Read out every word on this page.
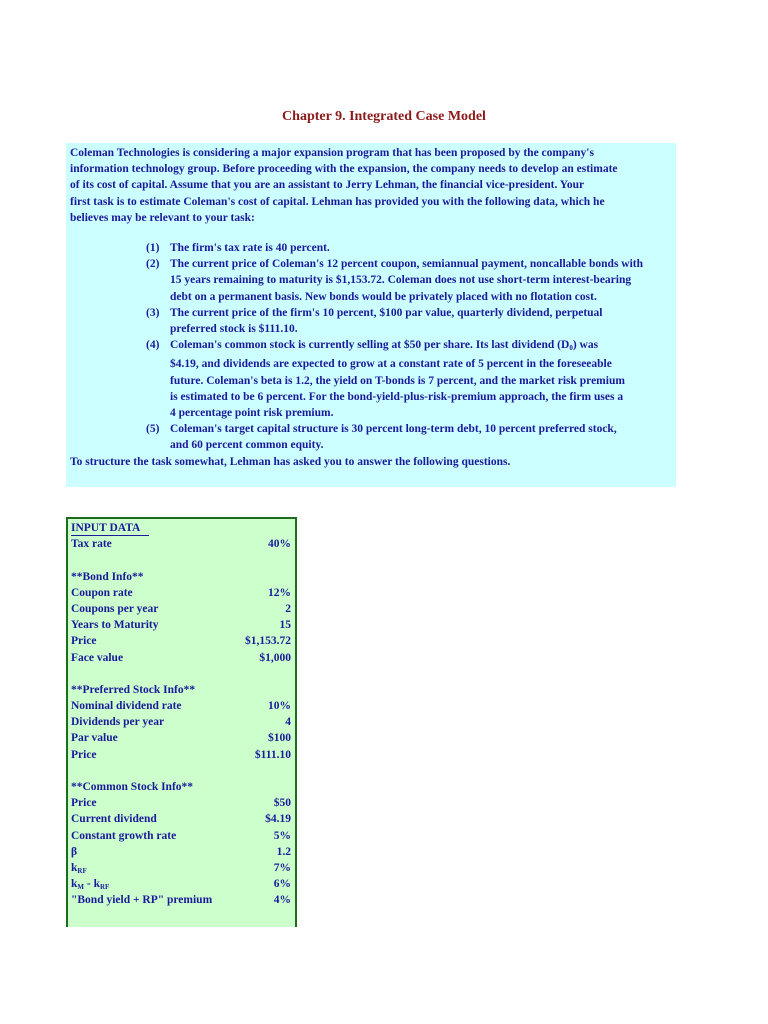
Chapter 9. Integrated Case Model

Coleman Technologies is considering a major expansion program that has been proposed by the company's
information technology group. Before proceeding with the expansion, the company needs to develop an estimate
of its cost of capital. Assume that you are an assistant to Jerry Lehman, the financial vice-president. Your
first task is to estimate Coleman's cost of capital. Lehman has provided you with the following data, which he
believes may be relevant to your task:

(1) The firm's tax rate is 40 percent.
(2) The current price of Coleman's 12 percent coupon, semiannual payment, noncallable bonds with
15 years remaining to maturity is $1,153.72. Coleman does not use short-term interest-bearing
debt on a permanent basis. New bonds would be privately placed with no flotation cost.
(3) The current price of the firm's 10 percent, $100 par value, quarterly dividend, perpetual
preferred stock is $111.10.
(4) Coleman's common stock is currently selling at $50 per share. Its last dividend $(D_0)$ was
$4.19, and dividends are expected to grow at a constant rate of 5 percent in the foreseeable
future. Coleman's beta is 1.2, the yield on T-bonds is 7 percent, and the market risk premium
is estimated to be 6 percent. For the bond-yield-plus-risk-premium approach, the firm uses a
4 percentage point risk premium.
(5) Coleman's target capital structure is 30 percent long-term debt, 10 percent preferred stock,
and 60 percent common equity.

To structure the task somewhat, Lehman has asked you to answer the following questions.

INPUT DATA
Tax rate	40%
**Bond Info**
Coupon rate	12%
Coupons per year	2
Years to Maturity	15
Price	$1,153.72
Face value	$1,000
**Preferred Stock Info**
Nominal dividend rate	10%
Dividends per year	4
Par value	$100
Price	$111.10
**Common Stock Info**
Price	$50
Current dividend	$4.19
Constant growth rate	5%
β	1.2
$k_{RF}$	7%
$k_M - k_{RF}$	6%
"Bond yield + RP" premium	4%
